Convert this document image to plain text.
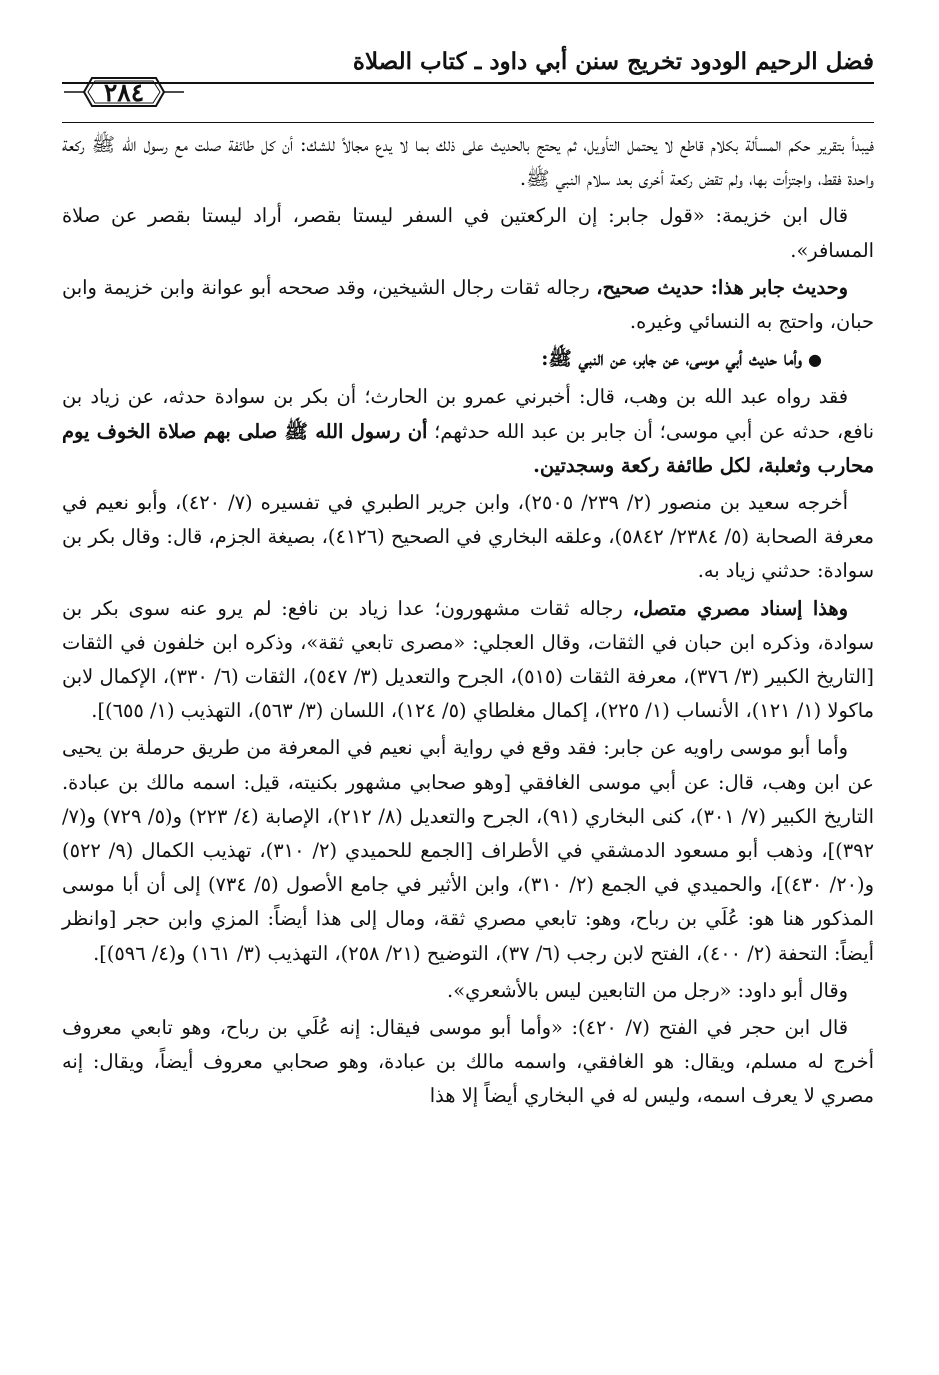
فضل الرحيم الودود تخريج سنن أبي داود ـ كتاب الصلاة
٢٨٤

فيبدأ بتقرير حكم المسألة بكلام قاطع لا يحتمل التأويل، ثم يحتج بالحديث على ذلك بما لا يدع مجالاً للشك: أن كل طائفة صلت مع رسول الله ﷺ ركعة واحدة فقط، واجتزأت بها، ولم تقض ركعة أخرى بعد سلام النبي ﷺ.

قال ابن خزيمة: «قول جابر: إن الركعتين في السفر ليستا بقصر، أراد ليستا بقصر عن صلاة المسافر».

وحديث جابر هذا: حديث صحيح، رجاله ثقات رجال الشيخين، وقد صححه أبو عوانة وابن خزيمة وابن حبان، واحتج به النسائي وغيره.

●وأما حديث أبي موسى، عن جابر، عن النبي ﷺ:

فقد رواه عبد الله بن وهب، قال: أخبرني عمرو بن الحارث؛ أن بكر بن سوادة حدثه، عن زياد بن نافع، حدثه عن أبي موسى؛ أن جابر بن عبد الله حدثهم؛ أن رسول الله ﷺ صلى بهم صلاة الخوف يوم محارب وثعلبة، لكل طائفة ركعة وسجدتين.

أخرجه سعيد بن منصور (٢/ ٢٣٩/ ٢٥٠٥)، وابن جرير الطبري في تفسيره (٧/ ٤٢٠)، وأبو نعيم في معرفة الصحابة (٥/ ٢٣٨٤/ ٥٨٤٢)، وعلقه البخاري في الصحيح (٤١٢٦)، بصيغة الجزم، قال: وقال بكر بن سوادة: حدثني زياد به.

وهذا إسناد مصري متصل، رجاله ثقات مشهورون؛ عدا زياد بن نافع: لم يرو عنه سوى بكر بن سوادة، وذكره ابن حبان في الثقات، وقال العجلي: «مصرى تابعي ثقة»، وذكره ابن خلفون في الثقات [التاريخ الكبير (٣/ ٣٧٦)، معرفة الثقات (٥١٥)، الجرح والتعديل (٣/ ٥٤٧)، الثقات (٦/ ٣٣٠)، الإكمال لابن ماكولا (١/ ١٢١)، الأنساب (١/ ٢٢٥)، إكمال مغلطاي (٥/ ١٢٤)، اللسان (٣/ ٥٦٣)، التهذيب (١/ ٦٥٥)].

وأما أبو موسى راويه عن جابر: فقد وقع في رواية أبي نعيم في المعرفة من طريق حرملة بن يحيى عن ابن وهب، قال: عن أبي موسى الغافقي [وهو صحابي مشهور بكنيته، قيل: اسمه مالك بن عبادة. التاريخ الكبير (٧/ ٣٠١)، كنى البخاري (٩١)، الجرح والتعديل (٨/ ٢١٢)، الإصابة (٤/ ٢٢٣) و(٥/ ٧٢٩) و(٧/ ٣٩٢)]، وذهب أبو مسعود الدمشقي في الأطراف [الجمع للحميدي (٢/ ٣١٠)، تهذيب الكمال (٩/ ٥٢٢) و(٢٠/ ٤٣٠)]، والحميدي في الجمع (٢/ ٣١٠)، وابن الأثير في جامع الأصول (٥/ ٧٣٤) إلى أن أبا موسى المذكور هنا هو: عُلَي بن رباح، وهو: تابعي مصري ثقة، ومال إلى هذا أيضاً: المزي وابن حجر [وانظر أيضاً: التحفة (٢/ ٤٠٠)، الفتح لابن رجب (٦/ ٣٧)، التوضيح (٢١/ ٢٥٨)، التهذيب (٣/ ١٦١) و(٤/ ٥٩٦)].

وقال أبو داود: «رجل من التابعين ليس بالأشعري».

قال ابن حجر في الفتح (٧/ ٤٢٠): «وأما أبو موسى فيقال: إنه عُلَي بن رباح، وهو تابعي معروف أخرج له مسلم، ويقال: هو الغافقي، واسمه مالك بن عبادة، وهو صحابي معروف أيضاً، ويقال: إنه مصري لا يعرف اسمه، وليس له في البخاري أيضاً إلا هذا
